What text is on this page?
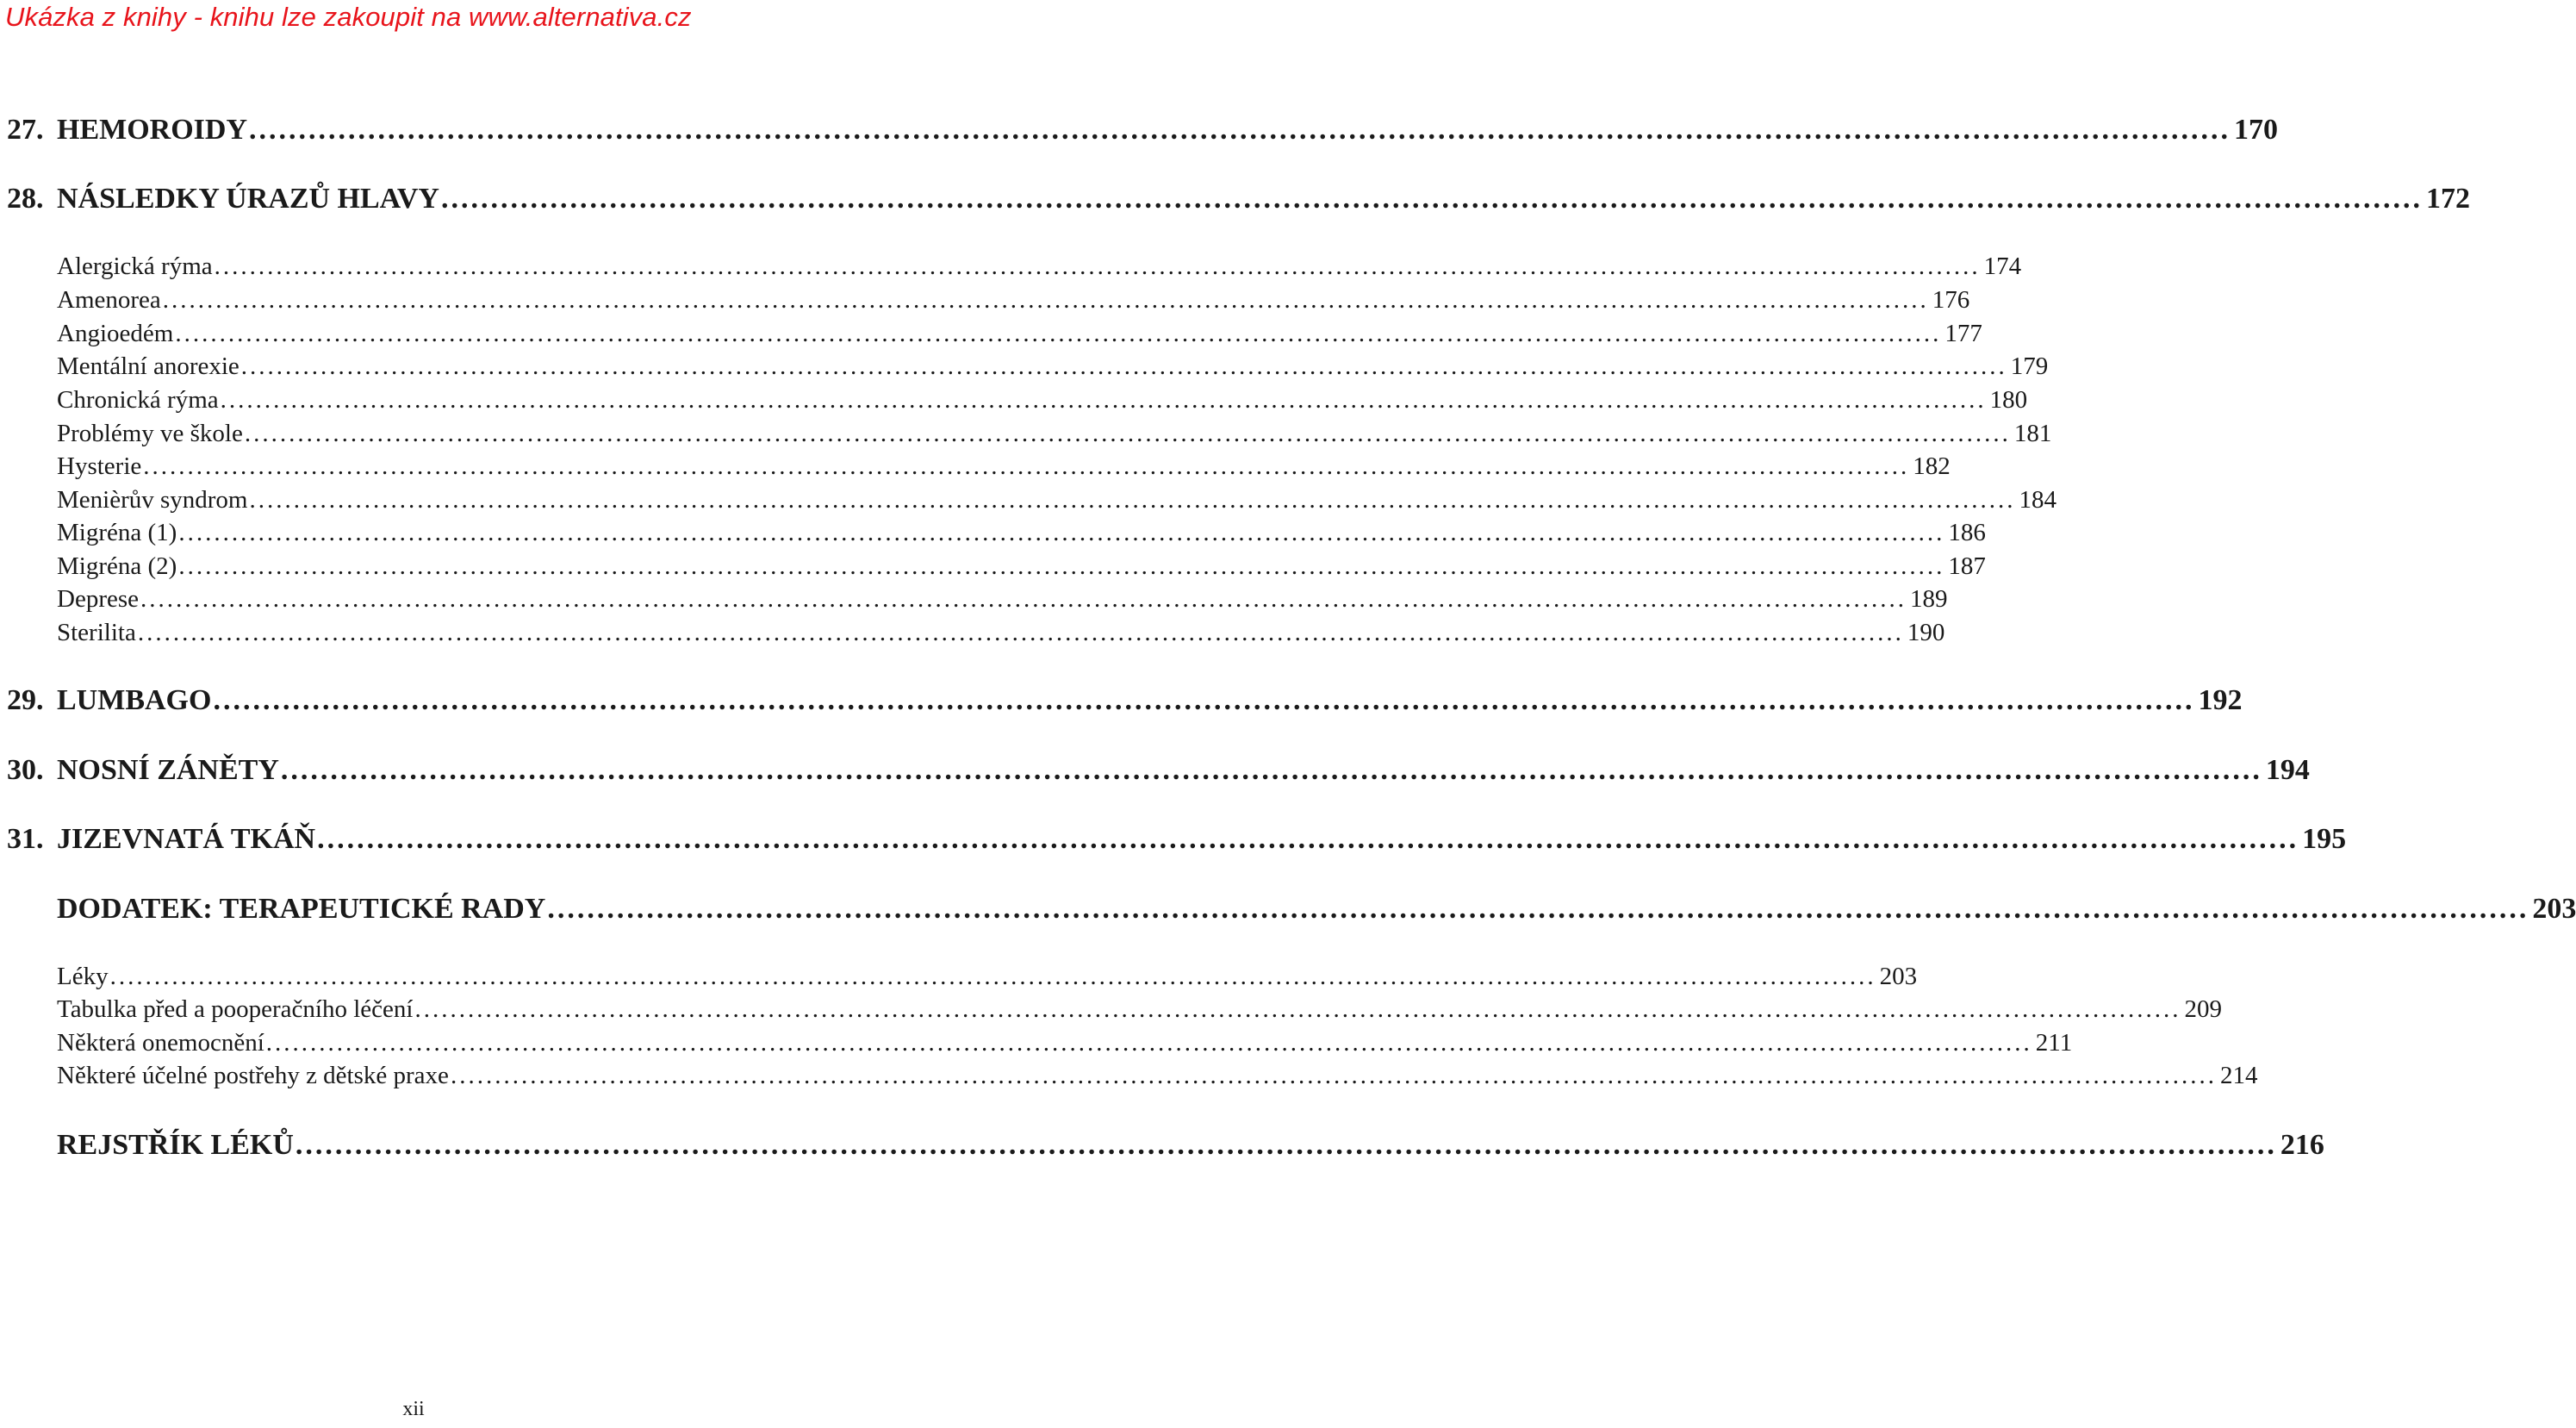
Ukázka z knihy - knihu lze zakoupit na www.alternativa.cz
27. HEMOROIDY ........................................................................................................................................................................................................ 170
28. NÁSLEDKY ÚRAZŮ HLAVY ........................................................................................................................................................................................................ 172
Alergická rýma ........................................................................................................................................................................................................ 174
Amenorea ........................................................................................................................................................................................................ 176
Angioedém ........................................................................................................................................................................................................ 177
Mentální anorexie ........................................................................................................................................................................................................ 179
Chronická rýma ........................................................................................................................................................................................................ 180
Problémy ve škole ........................................................................................................................................................................................................ 181
Hysterie ........................................................................................................................................................................................................ 182
Menièrův syndrom ........................................................................................................................................................................................................ 184
Migréna (1) ........................................................................................................................................................................................................ 186
Migréna (2) ........................................................................................................................................................................................................ 187
Deprese ........................................................................................................................................................................................................ 189
Sterilita ........................................................................................................................................................................................................ 190
29. LUMBAGO ........................................................................................................................................................................................................ 192
30. NOSNÍ ZÁNĚTY ........................................................................................................................................................................................................ 194
31. JIZEVNATÁ TKÁŇ ........................................................................................................................................................................................................ 195
DODATEK: TERAPEUTICKÉ RADY ........................................................................................................................................................................................................ 203
Léky ........................................................................................................................................................................................................ 203
Tabulka před a pooperačního léčení ........................................................................................................................................................................................................ 209
Některá onemocnění ........................................................................................................................................................................................................ 211
Některé účelné postřehy z dětské praxe ........................................................................................................................................................................................................ 214
REJSTŘÍK LÉKŮ ........................................................................................................................................................................................................ 216
xii
